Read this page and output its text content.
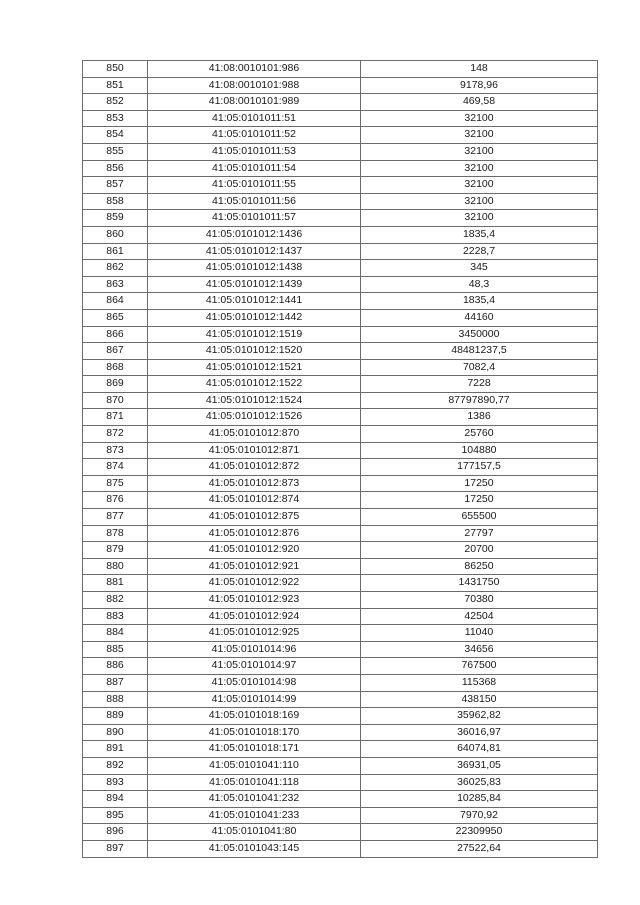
850	41:08:0010101:986	148
851	41:08:0010101:988	9178,96
852	41:08:0010101:989	469,58
853	41:05:0101011:51	32100
854	41:05:0101011:52	32100
855	41:05:0101011:53	32100
856	41:05:0101011:54	32100
857	41:05:0101011:55	32100
858	41:05:0101011:56	32100
859	41:05:0101011:57	32100
860	41:05:0101012:1436	1835,4
861	41:05:0101012:1437	2228,7
862	41:05:0101012:1438	345
863	41:05:0101012:1439	48,3
864	41:05:0101012:1441	1835,4
865	41:05:0101012:1442	44160
866	41:05:0101012:1519	3450000
867	41:05:0101012:1520	48481237,5
868	41:05:0101012:1521	7082,4
869	41:05:0101012:1522	7228
870	41:05:0101012:1524	87797890,77
871	41:05:0101012:1526	1386
872	41:05:0101012:870	25760
873	41:05:0101012:871	104880
874	41:05:0101012:872	177157,5
875	41:05:0101012:873	17250
876	41:05:0101012:874	17250
877	41:05:0101012:875	655500
878	41:05:0101012:876	27797
879	41:05:0101012:920	20700
880	41:05:0101012:921	86250
881	41:05:0101012:922	1431750
882	41:05:0101012:923	70380
883	41:05:0101012:924	42504
884	41:05:0101012:925	11040
885	41:05:0101014:96	34656
886	41:05:0101014:97	767500
887	41:05:0101014:98	115368
888	41:05:0101014:99	438150
889	41:05:0101018:169	35962,82
890	41:05:0101018:170	36016,97
891	41:05:0101018:171	64074,81
892	41:05:0101041:110	36931,05
893	41:05:0101041:118	36025,83
894	41:05:0101041:232	10285,84
895	41:05:0101041:233	7970,92
896	41:05:0101041:80	22309950
897	41:05:0101043:145	27522,64
